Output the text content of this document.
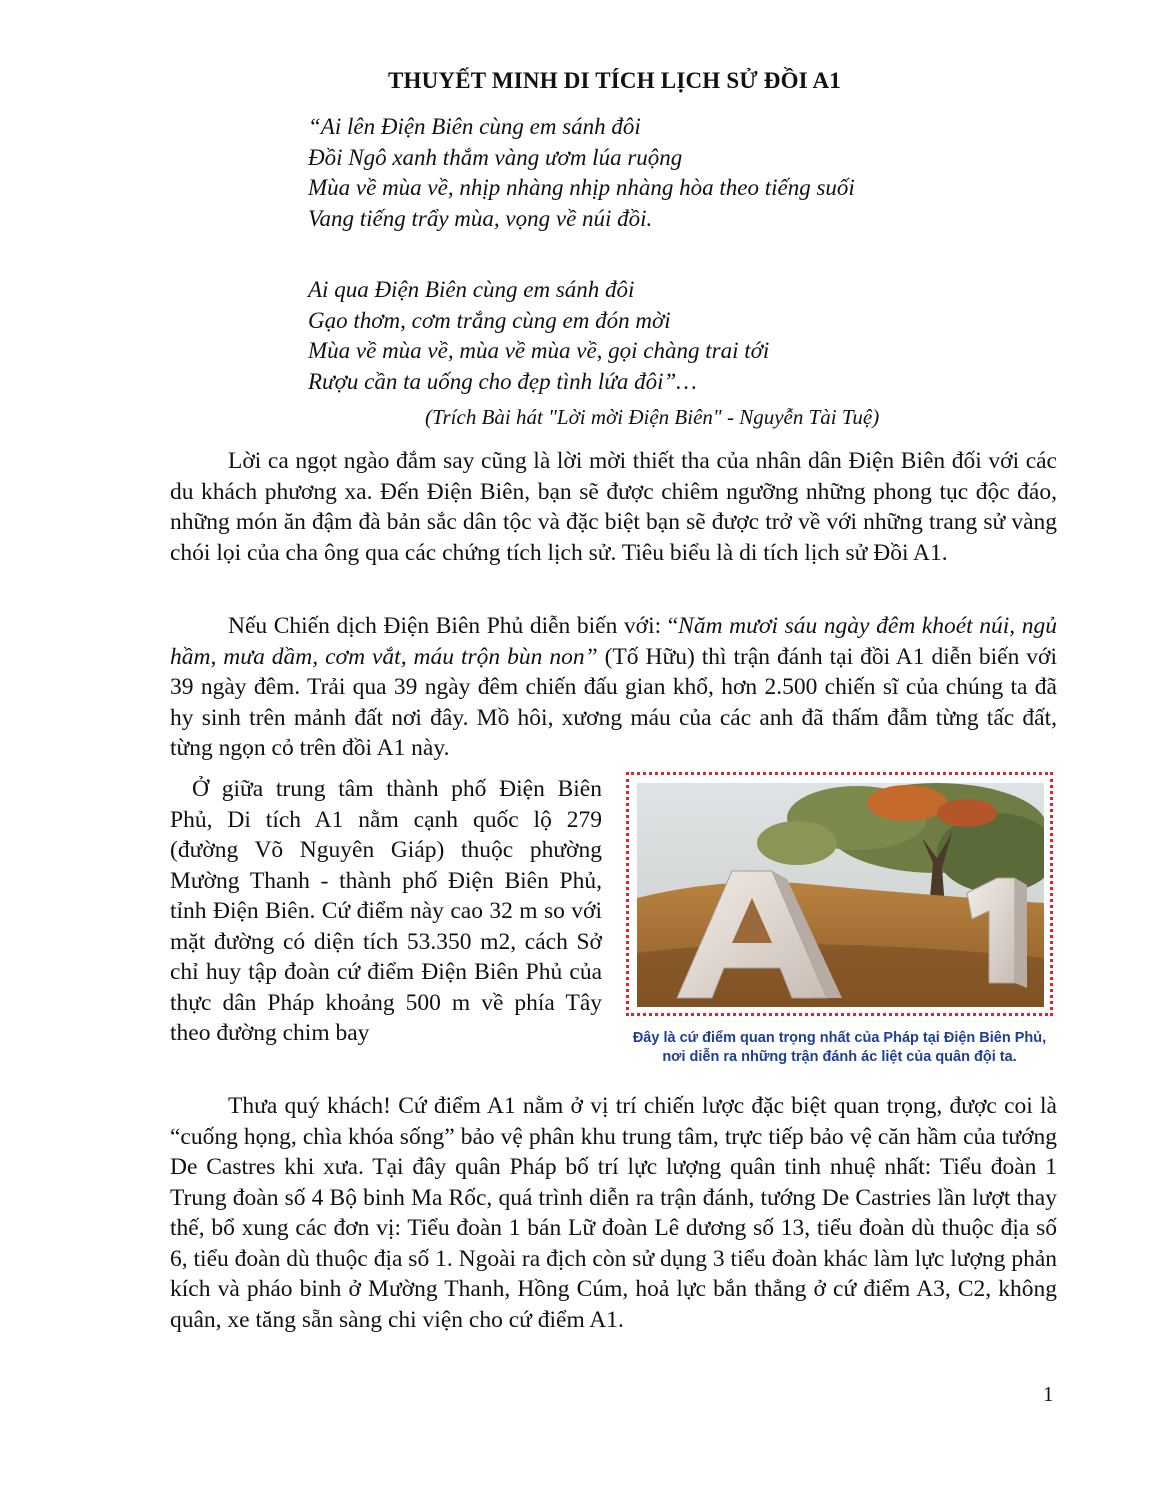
THUYẾT MINH DI TÍCH LỊCH SỬ ĐỒI A1
“Ai lên Điện Biên cùng em sánh đôi
Đồi Ngô xanh thắm vàng ươm lúa ruộng
Mùa về mùa về, nhịp nhàng nhịp nhàng hòa theo tiếng suối
Vang tiếng trẩy mùa, vọng về núi đồi.
Ai qua Điện Biên cùng em sánh đôi
Gạo thơm, cơm trắng cùng em đón mời
Mùa về mùa về, mùa về mùa về, gọi chàng trai tới
Rượu cần ta uống cho đẹp tình lứa đôi”…
(Trích Bài hát "Lời mời Điện Biên" - Nguyễn Tài Tuệ)
Lời ca ngọt ngào đắm say cũng là lời mời thiết tha của nhân dân Điện Biên đối với các du khách phương xa. Đến Điện Biên, bạn sẽ được chiêm ngưỡng những phong tục độc đáo, những món ăn đậm đà bản sắc dân tộc và đặc biệt bạn sẽ được trở về với những trang sử vàng chói lọi của cha ông qua các chứng tích lịch sử. Tiêu biểu là di tích lịch sử Đồi A1.
Nếu Chiến dịch Điện Biên Phủ diễn biến với: “Năm mươi sáu ngày đêm khoét núi, ngủ hầm, mưa dầm, cơm vắt, máu trộn bùn non” (Tố Hữu) thì trận đánh tại đồi A1 diễn biến với 39 ngày đêm. Trải qua 39 ngày đêm chiến đấu gian khổ, hơn 2.500 chiến sĩ của chúng ta đã hy sinh trên mảnh đất nơi đây. Mồ hôi, xương máu của các anh đã thấm đẫm từng tấc đất, từng ngọn cỏ trên đồi A1 này.
Ở giữa trung tâm thành phố Điện Biên Phủ, Di tích A1 nằm cạnh quốc lộ 279 (đường Võ Nguyên Giáp) thuộc phường Mường Thanh - thành phố Điện Biên Phủ, tỉnh Điện Biên. Cứ điểm này cao 32 m so với mặt đường có diện tích 53.350 m2, cách Sở chỉ huy tập đoàn cứ điểm Điện Biên Phủ của thực dân Pháp khoảng 500 m về phía Tây theo đường chim bay	Đây là cứ điểm quan trọng nhất của Pháp tại Điện Biên Phủ,
nơi diễn ra những trận đánh ác liệt của quân đội ta.
Thưa quý khách! Cứ điểm A1 nằm ở vị trí chiến lược đặc biệt quan trọng, được coi là “cuống họng, chìa khóa sống” bảo vệ phân khu trung tâm, trực tiếp bảo vệ căn hầm của tướng De Castres khi xưa. Tại đây quân Pháp bố trí lực lượng quân tinh nhuệ nhất: Tiểu đoàn 1 Trung đoàn số 4 Bộ binh Ma Rốc, quá trình diễn ra trận đánh, tướng De Castries lần lượt thay thế, bổ xung các đơn vị: Tiểu đoàn 1 bán Lữ đoàn Lê dương số 13, tiểu đoàn dù thuộc địa số 6, tiểu đoàn dù thuộc địa số 1. Ngoài ra địch còn sử dụng 3 tiểu đoàn khác làm lực lượng phản kích và pháo binh ở Mường Thanh, Hồng Cúm, hoả lực bắn thẳng ở cứ điểm A3, C2, không quân, xe tăng sẵn sàng chi viện cho cứ điểm A1.
1
